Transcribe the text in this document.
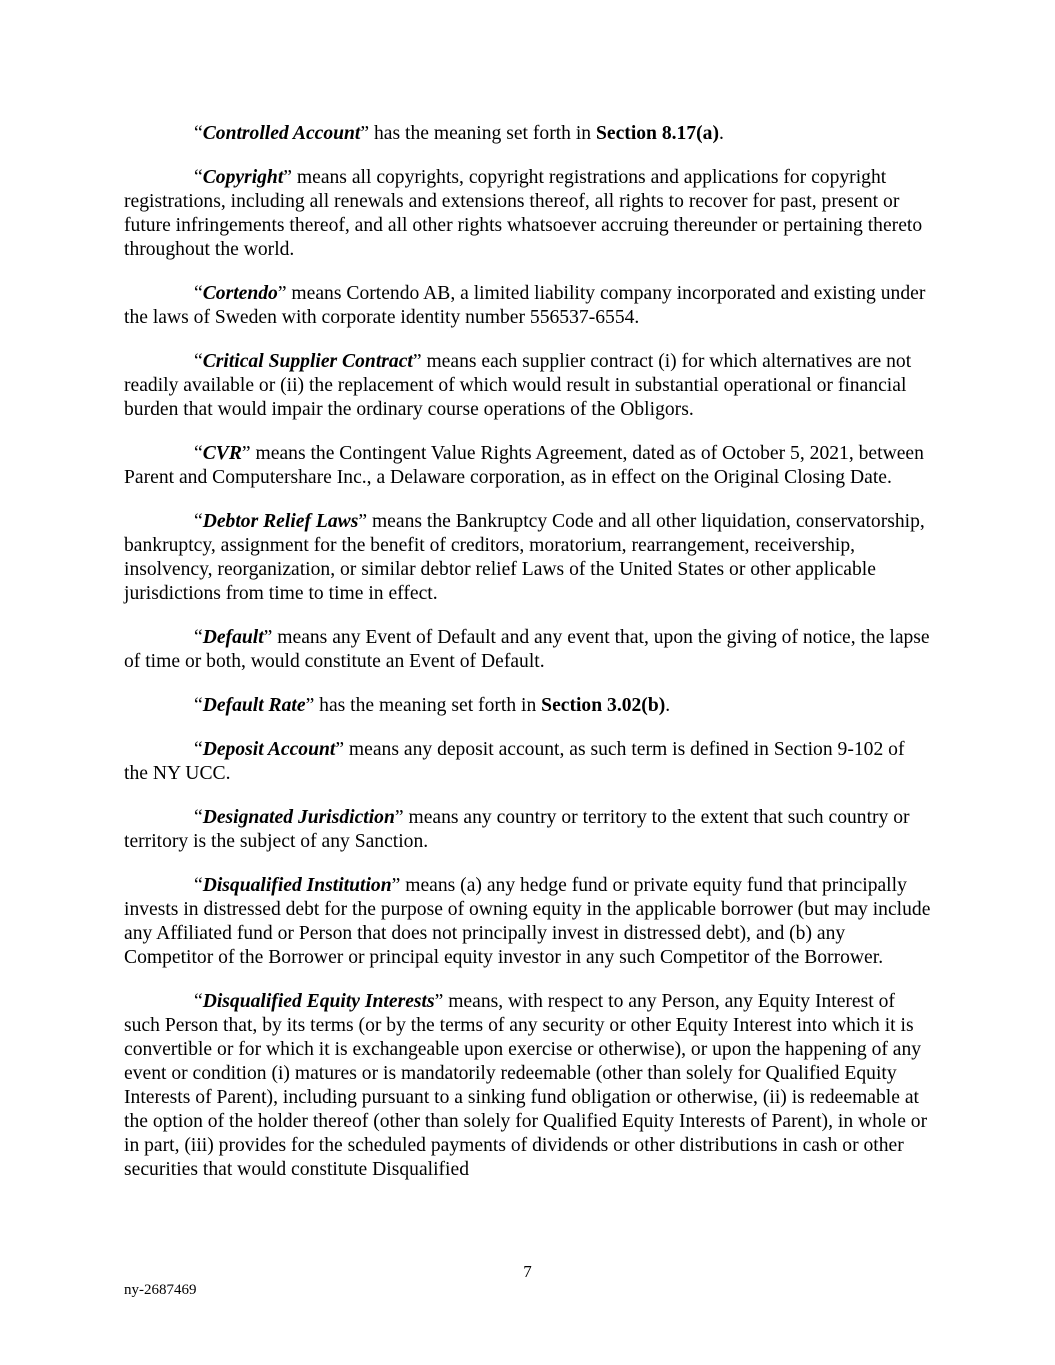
“Controlled Account” has the meaning set forth in Section 8.17(a).

“Copyright” means all copyrights, copyright registrations and applications for copyright registrations, including all renewals and extensions thereof, all rights to recover for past, present or future infringements thereof, and all other rights whatsoever accruing thereunder or pertaining thereto throughout the world.

“Cortendo” means Cortendo AB, a limited liability company incorporated and existing under the laws of Sweden with corporate identity number 556537-6554.

“Critical Supplier Contract” means each supplier contract (i) for which alternatives are not readily available or (ii) the replacement of which would result in substantial operational or financial burden that would impair the ordinary course operations of the Obligors.

“CVR” means the Contingent Value Rights Agreement, dated as of October 5, 2021, between Parent and Computershare Inc., a Delaware corporation, as in effect on the Original Closing Date.

“Debtor Relief Laws” means the Bankruptcy Code and all other liquidation, conservatorship, bankruptcy, assignment for the benefit of creditors, moratorium, rearrangement, receivership, insolvency, reorganization, or similar debtor relief Laws of the United States or other applicable jurisdictions from time to time in effect.

“Default” means any Event of Default and any event that, upon the giving of notice, the lapse of time or both, would constitute an Event of Default.

“Default Rate” has the meaning set forth in Section 3.02(b).

“Deposit Account” means any deposit account, as such term is defined in Section 9-102 of the NY UCC.

“Designated Jurisdiction” means any country or territory to the extent that such country or territory is the subject of any Sanction.

“Disqualified Institution” means (a) any hedge fund or private equity fund that principally invests in distressed debt for the purpose of owning equity in the applicable borrower (but may include any Affiliated fund or Person that does not principally invest in distressed debt), and (b) any Competitor of the Borrower or principal equity investor in any such Competitor of the Borrower.

“Disqualified Equity Interests” means, with respect to any Person, any Equity Interest of such Person that, by its terms (or by the terms of any security or other Equity Interest into which it is convertible or for which it is exchangeable upon exercise or otherwise), or upon the happening of any event or condition (i) matures or is mandatorily redeemable (other than solely for Qualified Equity Interests of Parent), including pursuant to a sinking fund obligation or otherwise, (ii) is redeemable at the option of the holder thereof (other than solely for Qualified Equity Interests of Parent), in whole or in part, (iii) provides for the scheduled payments of dividends or other distributions in cash or other securities that would constitute Disqualified

7
ny-2687469
